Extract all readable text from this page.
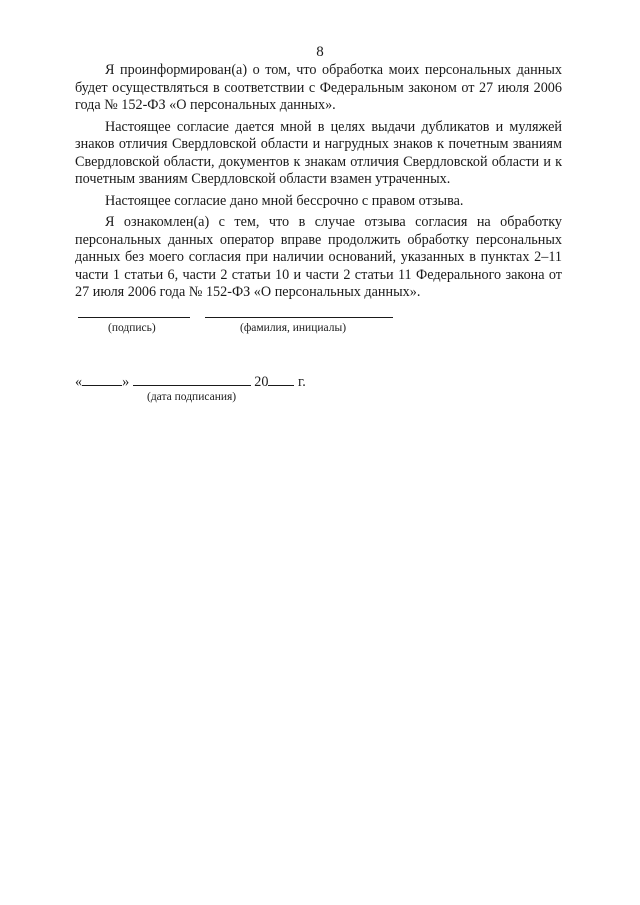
8

Я проинформирован(а) о том, что обработка моих персональных данных будет осуществляться в соответствии с Федеральным законом от 27 июля 2006 года № 152-ФЗ «О персональных данных».

Настоящее согласие дается мной в целях выдачи дубликатов и муляжей знаков отличия Свердловской области и нагрудных знаков к почетным званиям Свердловской области, документов к знакам отличия Свердловской области и к почетным званиям Свердловской области взамен утраченных.

Настоящее согласие дано мной бессрочно с правом отзыва.

Я ознакомлен(а) с тем, что в случае отзыва согласия на обработку персональных данных оператор вправе продолжить обработку персональных данных без моего согласия при наличии оснований, указанных в пунктах 2–11 части 1 статьи 6, части 2 статьи 10 и части 2 статьи 11 Федерального закона от 27 июля 2006 года № 152-ФЗ «О персональных данных».

(подпись)	(фамилия, инициалы)
«	»	20 г.
(дата подписания)
